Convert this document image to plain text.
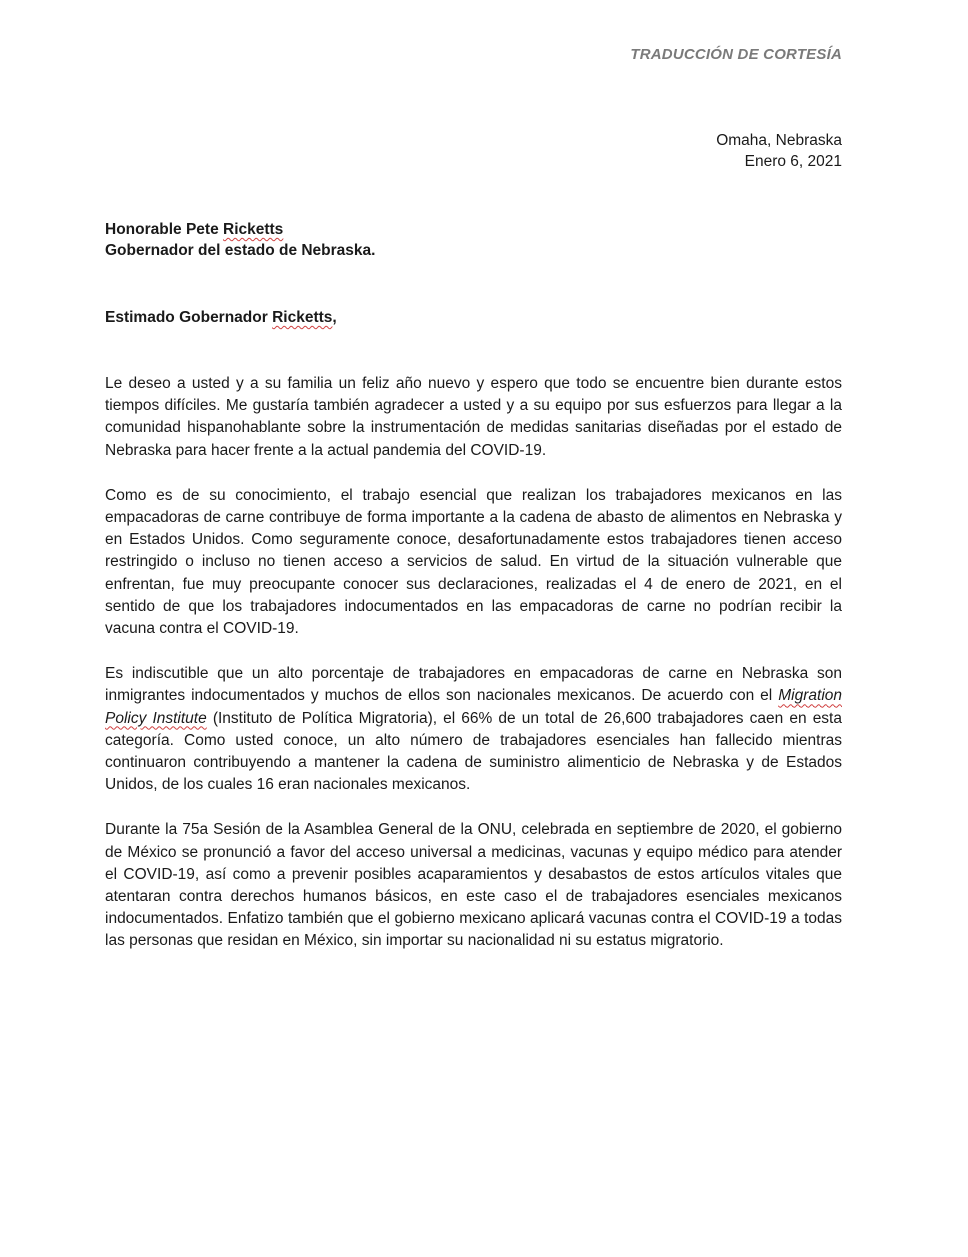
TRADUCCIÓN DE CORTESÍA
Omaha, Nebraska
Enero 6, 2021
Honorable Pete Ricketts
Gobernador del estado de Nebraska.
Estimado Gobernador Ricketts,

Le deseo a usted y a su familia un feliz año nuevo y espero que todo se encuentre bien durante estos tiempos difíciles. Me gustaría también agradecer a usted y a su equipo por sus esfuerzos para llegar a la comunidad hispanohablante sobre la instrumentación de medidas sanitarias diseñadas por el estado de Nebraska para hacer frente a la actual pandemia del COVID-19.

Como es de su conocimiento, el trabajo esencial que realizan los trabajadores mexicanos en las empacadoras de carne contribuye de forma importante a la cadena de abasto de alimentos en Nebraska y en Estados Unidos. Como seguramente conoce, desafortunadamente estos trabajadores tienen acceso restringido o incluso no tienen acceso a servicios de salud. En virtud de la situación vulnerable que enfrentan, fue muy preocupante conocer sus declaraciones, realizadas el 4 de enero de 2021, en el sentido de que los trabajadores indocumentados en las empacadoras de carne no podrían recibir la vacuna contra el COVID-19.

Es indiscutible que un alto porcentaje de trabajadores en empacadoras de carne en Nebraska son inmigrantes indocumentados y muchos de ellos son nacionales mexicanos. De acuerdo con el Migration Policy Institute (Instituto de Política Migratoria), el 66% de un total de 26,600 trabajadores caen en esta categoría. Como usted conoce, un alto número de trabajadores esenciales han fallecido mientras continuaron contribuyendo a mantener la cadena de suministro alimenticio de Nebraska y de Estados Unidos, de los cuales 16 eran nacionales mexicanos.

Durante la 75a Sesión de la Asamblea General de la ONU, celebrada en septiembre de 2020, el gobierno de México se pronunció a favor del acceso universal a medicinas, vacunas y equipo médico para atender el COVID-19, así como a prevenir posibles acaparamientos y desabastos de estos artículos vitales que atentaran contra derechos humanos básicos, en este caso el de trabajadores esenciales mexicanos indocumentados. Enfatizo también que el gobierno mexicano aplicará vacunas contra el COVID-19 a todas las personas que residan en México, sin importar su nacionalidad ni su estatus migratorio.
